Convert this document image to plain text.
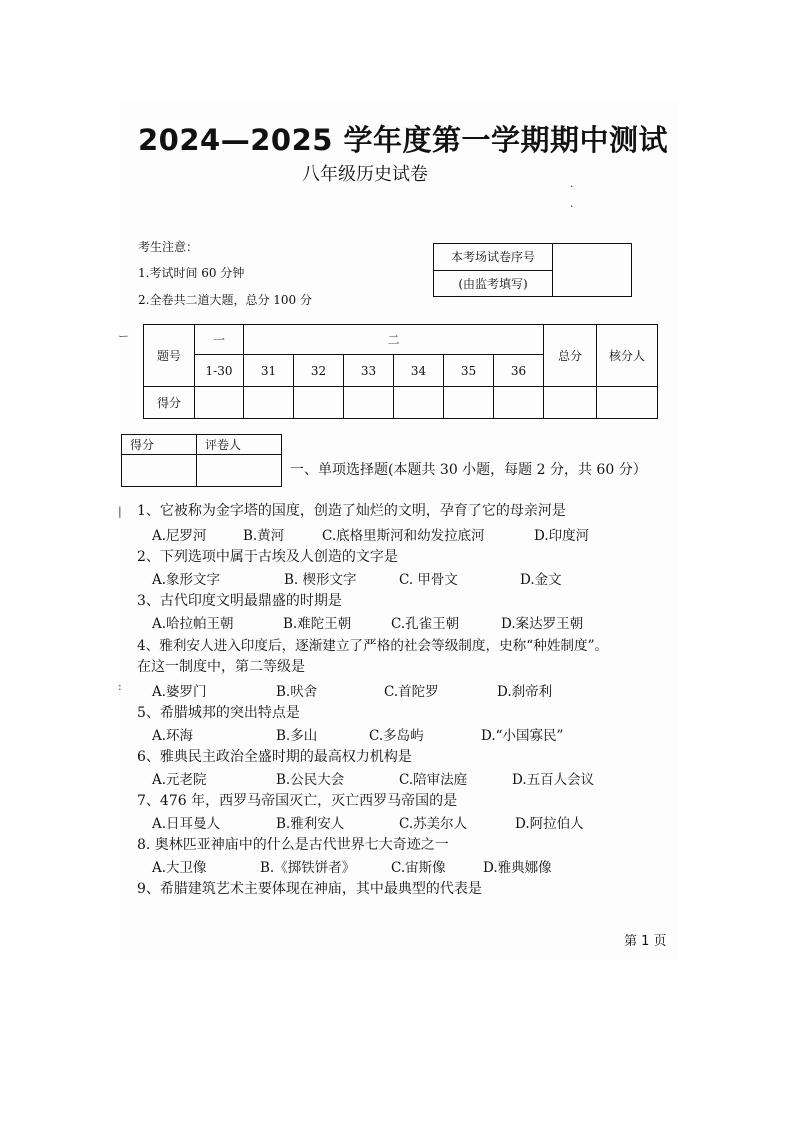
2024—2025 学年度第一学期期中测试
八年级历史试卷
考生注意：
1.考试时间 60 分钟
2.全卷共二道大题，总分 100 分
本考场试卷序号	
(由监考填写)
题号	一	二						总分	核分人
	1-30	31	32	33	34	35	36		
得分									
得分	评卷人

一、单项选择题(本题共 30 小题，每题 2 分，共 60 分）
1、它被称为金字塔的国度，创造了灿烂的文明，孕育了它的母亲河是
A.尼罗河	B.黄河	C.底格里斯河和幼发拉底河	D.印度河
2、下列选项中属于古埃及人创造的文字是
A.象形文字	B. 楔形文字	C. 甲骨文	D.金文
3、古代印度文明最鼎盛的时期是
A.哈拉帕王朝	B.难陀王朝	C.孔雀王朝	D.案达罗王朝
4、雅利安人进入印度后，逐渐建立了严格的社会等级制度，史称“种姓制度”。
在这一制度中，第二等级是
A.婆罗门	B.吠舍	C.首陀罗	D.刹帝利
5、希腊城邦的突出特点是
A.环海	B.多山	C.多岛屿	D.“小国寡民”
6、雅典民主政治全盛时期的最高权力机构是
A.元老院	B.公民大会	C.陪审法庭	D.五百人会议
7、476 年，西罗马帝国灭亡，灭亡西罗马帝国的是
A.日耳曼人	B.雅利安人	C.苏美尔人	D.阿拉伯人
8. 奥林匹亚神庙中的什么是古代世界七大奇迹之一
A.大卫像	B.《掷铁饼者》	C.宙斯像	D.雅典娜像
9、希腊建筑艺术主要体现在神庙，其中最典型的代表是
第 1 页
ー
|
:
·
·
